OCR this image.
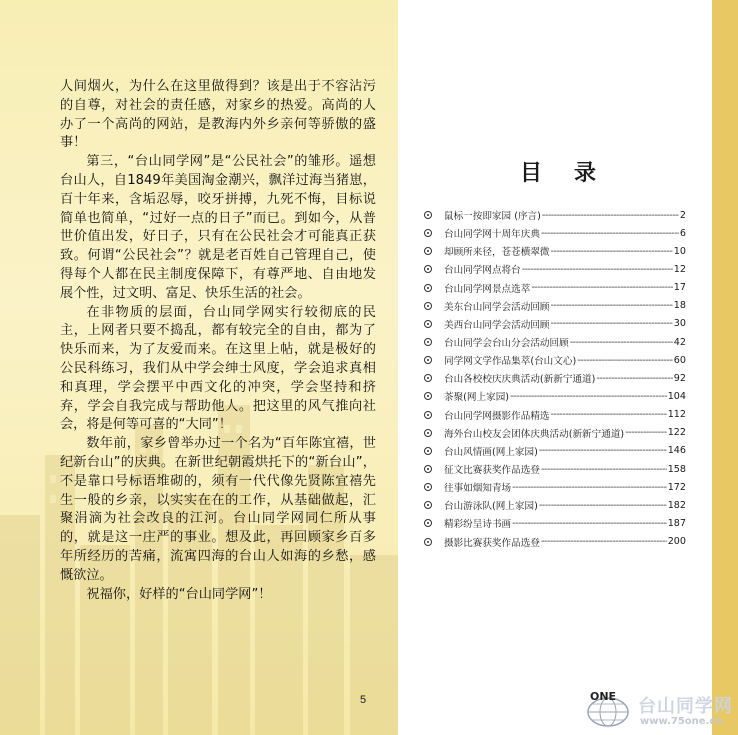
人间烟火，为什么在这里做得到？该是出于不容沾污的自尊，对社会的责任感，对家乡的热爱。高尚的人办了一个高尚的网站，是教海内外乡亲何等骄傲的盛事！

第三，“台山同学网”是“公民社会”的雏形。遥想台山人，自1849年美国淘金潮兴，飘洋过海当猪崽，百十年来，含垢忍辱，咬牙拼搏，九死不悔，目标说简单也简单，“过好一点的日子”而已。到如今，从普世价值出发，好日子，只有在公民社会才可能真正获致。何谓“公民社会”？就是老百姓自己管理自己，使得每个人都在民主制度保障下，有尊严地、自由地发展个性，过文明、富足、快乐生活的社会。

在非物质的层面，台山同学网实行较彻底的民主，上网者只要不捣乱，都有较完全的自由，都为了快乐而来，为了友爱而来。在这里上帖，就是极好的公民科练习，我们从中学会绅士风度，学会追求真相和真理，学会摆平中西文化的冲突，学会坚持和挤弃，学会自我完成与帮助他人。把这里的风气推向社会，将是何等可喜的“大同”！

数年前，家乡曾举办过一个名为“百年陈宜禧，世纪新台山”的庆典。在新世纪朝霞烘托下的“新台山”，不是靠口号标语堆砌的，须有一代代像先贤陈宜禧先生一般的乡亲，以实实在在的工作，从基础做起，汇聚涓滴为社会改良的江河。台山同学网同仁所从事的，就是这一庄严的事业。想及此，再回顾家乡百多年所经历的苦痛，流寓四海的台山人如海的乡愁，感慨欲泣。

祝福你，好样的“台山同学网”！

5
目录
鼠标一按即家园 (序言) -----	2
台山同学网十周年庆典 -----	6
却顾所来径，苍苍横翠微 -----	10
台山同学网点将台 -----	12
台山同学网景点选萃 -----	17
美东台山同学会活动回顾 -----	18
美西台山同学会活动回顾 -----	30
台山同学会台山分会活动回顾 -----	42
同学网文学作品集萃(台山文心) -----	60
台山各校校庆庆典活动(新新宁通道) -----	92
茶聚(网上家园) -----	104
台山同学网摄影作品精选 -----	112
海外台山校友会团体庆典活动(新新宁通道) -----	122
台山风情画(网上家园) -----	146
征文比赛获奖作品选登 -----	158
往事如烟知青场 -----	172
台山游泳队(网上家园) -----	182
精彩纷呈诗书画 -----	187
摄影比赛获奖作品选登 -----	200
ONE 台山同学网
www.75one.cn
